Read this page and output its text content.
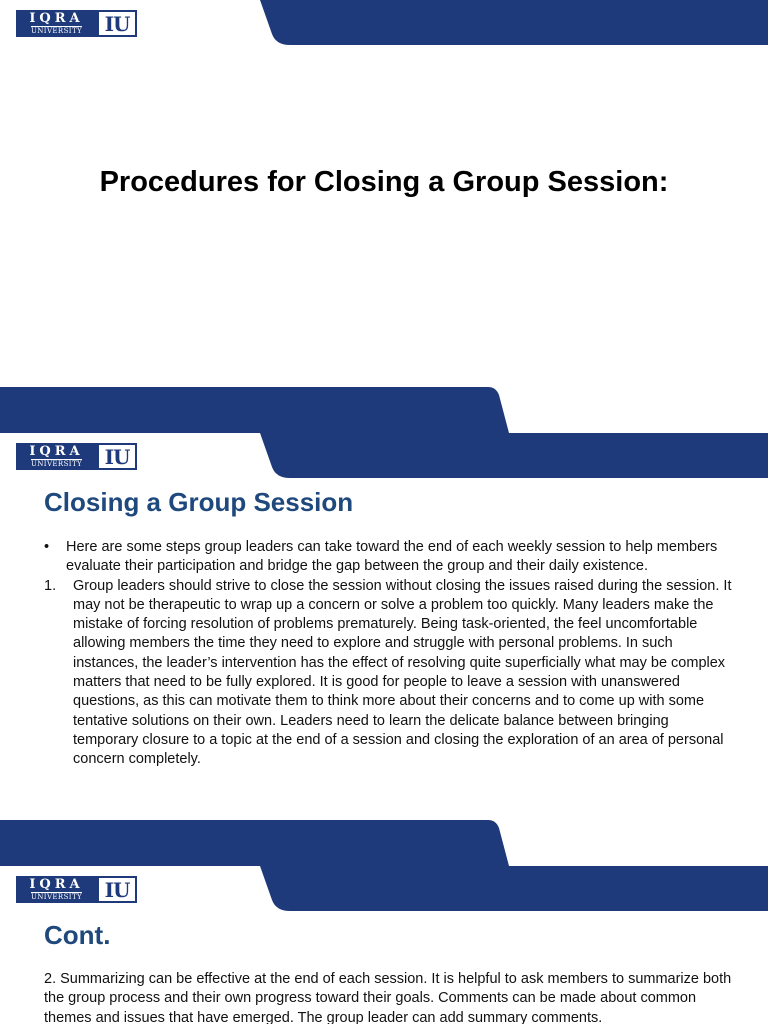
IQRA
UNIVERSITY	IU
Procedures for Closing a Group Session:
IQRA
UNIVERSITY	IU
Closing a Group Session
•	Here are some steps group leaders can take toward the end of each weekly session to help members evaluate their participation and bridge the gap between the group and their daily existence.
1.	Group leaders should strive to close the session without closing the issues raised during the session. It may not be therapeutic to wrap up a concern or solve a problem too quickly. Many leaders make the mistake of forcing resolution of problems prematurely. Being task-oriented, the feel uncomfortable allowing members the time they need to explore and struggle with personal problems. In such instances, the leader’s intervention has the effect of resolving quite superficially what may be complex matters that need to be fully explored. It is good for people to leave a session with unanswered questions, as this can motivate them to think more about their concerns and to come up with some tentative solutions on their own. Leaders need to learn the delicate balance between bringing temporary closure to a topic at the end of a session and closing the exploration of an area of personal concern completely.
IQRA
UNIVERSITY	IU
Cont.

2. Summarizing can be effective at the end of each session. It is helpful to ask members to summarize both the group process and their own progress toward their goals. Comments can be made about common themes and issues that have emerged. The group leader can add summary comments.
